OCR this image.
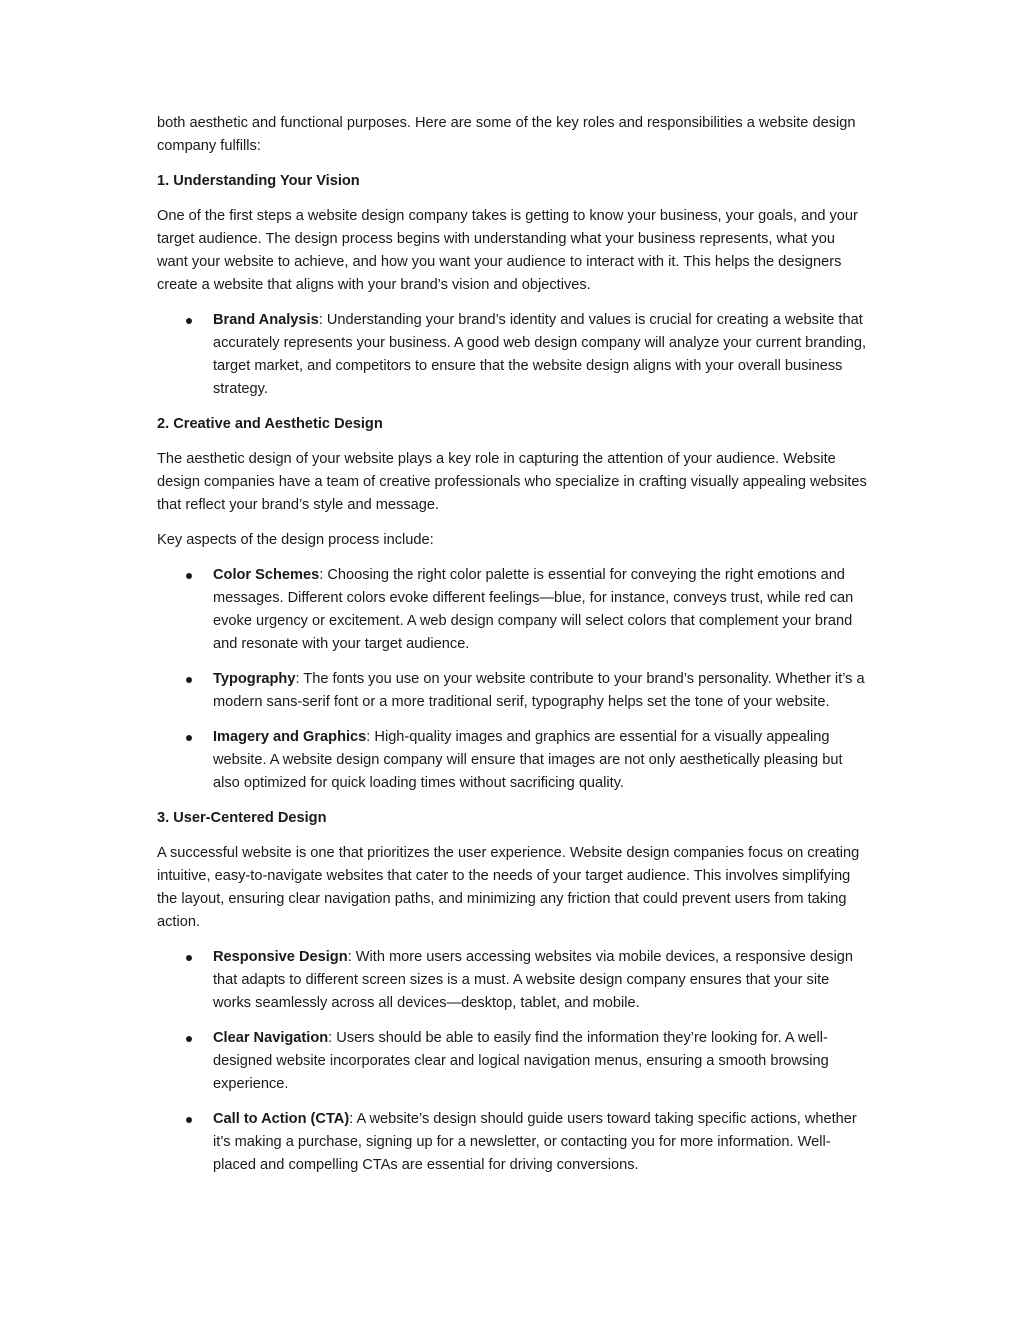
both aesthetic and functional purposes. Here are some of the key roles and responsibilities a website design company fulfills:

1. Understanding Your Vision

One of the first steps a website design company takes is getting to know your business, your goals, and your target audience. The design process begins with understanding what your business represents, what you want your website to achieve, and how you want your audience to interact with it. This helps the designers create a website that aligns with your brand’s vision and objectives.

Brand Analysis: Understanding your brand’s identity and values is crucial for creating a website that accurately represents your business. A good web design company will analyze your current branding, target market, and competitors to ensure that the website design aligns with your overall business strategy.
2. Creative and Aesthetic Design

The aesthetic design of your website plays a key role in capturing the attention of your audience. Website design companies have a team of creative professionals who specialize in crafting visually appealing websites that reflect your brand’s style and message.

Key aspects of the design process include:

Color Schemes: Choosing the right color palette is essential for conveying the right emotions and messages. Different colors evoke different feelings—blue, for instance, conveys trust, while red can evoke urgency or excitement. A web design company will select colors that complement your brand and resonate with your target audience.
Typography: The fonts you use on your website contribute to your brand’s personality. Whether it’s a modern sans-serif font or a more traditional serif, typography helps set the tone of your website.
Imagery and Graphics: High-quality images and graphics are essential for a visually appealing website. A website design company will ensure that images are not only aesthetically pleasing but also optimized for quick loading times without sacrificing quality.
3. User-Centered Design

A successful website is one that prioritizes the user experience. Website design companies focus on creating intuitive, easy-to-navigate websites that cater to the needs of your target audience. This involves simplifying the layout, ensuring clear navigation paths, and minimizing any friction that could prevent users from taking action.

Responsive Design: With more users accessing websites via mobile devices, a responsive design that adapts to different screen sizes is a must. A website design company ensures that your site works seamlessly across all devices—desktop, tablet, and mobile.
Clear Navigation: Users should be able to easily find the information they’re looking for. A well-designed website incorporates clear and logical navigation menus, ensuring a smooth browsing experience.
Call to Action (CTA): A website’s design should guide users toward taking specific actions, whether it’s making a purchase, signing up for a newsletter, or contacting you for more information. Well-placed and compelling CTAs are essential for driving conversions.
